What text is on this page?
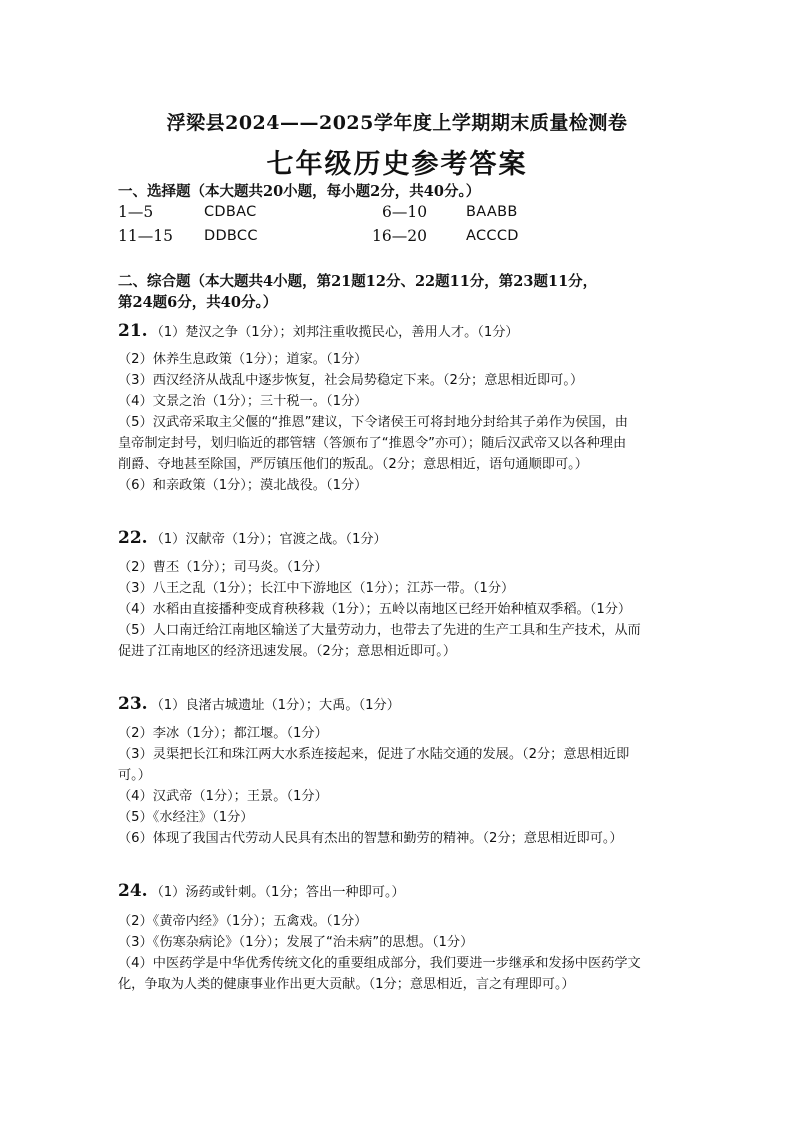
浮梁县2024——2025学年度上学期期末质量检测卷
七年级历史参考答案
一、选择题（本大题共20小题，每小题2分，共40分。）
1—5	CDBAC	6—10	BAABB
11—15 DDBCC	16—20	ACCCD
二、综合题（本大题共4小题，第21题12分、22题11分，第23题11分，
第24题6分，共40分。）
21. （1）楚汉之争（1分）；刘邦注重收揽民心，善用人才。（1分）
（2）休养生息政策（1分）；道家。（1分）
（3）西汉经济从战乱中逐步恢复，社会局势稳定下来。（2分；意思相近即可。）
（4）文景之治（1分）；三十税一。（1分）
（5）汉武帝采取主父偃的“推恩”建议，下令诸侯王可将封地分封给其子弟作为侯国，由
皇帝制定封号，划归临近的郡管辖（答颁布了“推恩令”亦可）；随后汉武帝又以各种理由
削爵、夺地甚至除国，严厉镇压他们的叛乱。（2分；意思相近，语句通顺即可。）
（6）和亲政策（1分）；漠北战役。（1分）
22. （1）汉献帝（1分）；官渡之战。（1分）
（2）曹丕（1分）；司马炎。（1分）
（3）八王之乱（1分）；长江中下游地区（1分）；江苏一带。（1分）
（4）水稻由直接播种变成育秧移栽（1分）；五岭以南地区已经开始种植双季稻。（1分）
（5）人口南迁给江南地区输送了大量劳动力，也带去了先进的生产工具和生产技术，从而
促进了江南地区的经济迅速发展。（2分；意思相近即可。）
23. （1）良渚古城遗址（1分）；大禹。（1分）
（2）李冰（1分）；都江堰。（1分）
（3）灵渠把长江和珠江两大水系连接起来，促进了水陆交通的发展。（2分；意思相近即
可。）
（4）汉武帝（1分）；王景。（1分）
（5）《水经注》（1分）
（6）体现了我国古代劳动人民具有杰出的智慧和勤劳的精神。（2分；意思相近即可。）
24. （1）汤药或针刺。（1分；答出一种即可。）
（2）《黄帝内经》（1分）；五禽戏。（1分）
（3）《伤寒杂病论》（1分）；发展了“治未病”的思想。（1分）
（4）中医药学是中华优秀传统文化的重要组成部分，我们要进一步继承和发扬中医药学文
化，争取为人类的健康事业作出更大贡献。（1分；意思相近，言之有理即可。）
